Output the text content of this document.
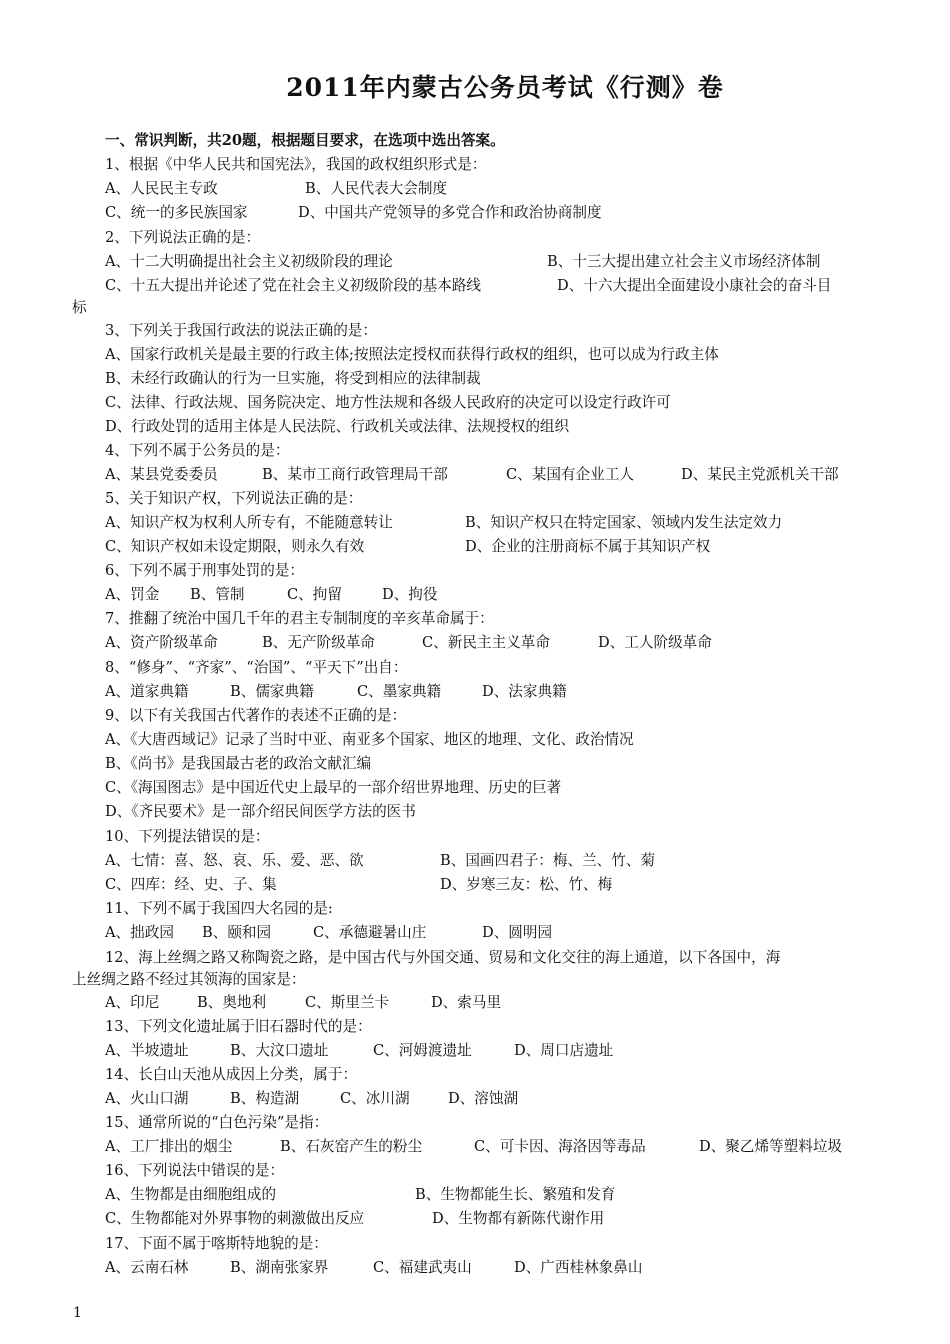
2011年内蒙古公务员考试《行测》卷
一、常识判断，共20题，根据题目要求，在选项中选出答案。
1、根据《中华人民共和国宪法》，我国的政权组织形式是：
A、人民民主专政	B、人民代表大会制度
C、统一的多民族国家	D、中国共产党领导的多党合作和政治协商制度
2、下列说法正确的是：
A、十二大明确提出社会主义初级阶段的理论	B、十三大提出建立社会主义市场经济体制
C、十五大提出并论述了党在社会主义初级阶段的基本路线	D、十六大提出全面建设小康社会的奋斗目
标
3、下列关于我国行政法的说法正确的是：
A、国家行政机关是最主要的行政主体;按照法定授权而获得行政权的组织，也可以成为行政主体
B、未经行政确认的行为一旦实施，将受到相应的法律制裁
C、法律、行政法规、国务院决定、地方性法规和各级人民政府的决定可以设定行政许可
D、行政处罚的适用主体是人民法院、行政机关或法律、法规授权的组织
4、下列不属于公务员的是：
A、某县党委委员	B、某市工商行政管理局干部	C、某国有企业工人	D、某民主党派机关干部
5、关于知识产权，下列说法正确的是：
A、知识产权为权利人所专有，不能随意转让	B、知识产权只在特定国家、领域内发生法定效力
C、知识产权如未设定期限，则永久有效	D、企业的注册商标不属于其知识产权
6、下列不属于刑事处罚的是：
A、罚金 B、管制	C、拘留	D、拘役
7、推翻了统治中国几千年的君主专制制度的辛亥革命属于：
A、资产阶级革命	B、无产阶级革命	C、新民主主义革命	D、工人阶级革命
8、“修身”、“齐家”、“治国”、“平天下”出自：
A、道家典籍	B、儒家典籍	C、墨家典籍	D、法家典籍
9、以下有关我国古代著作的表述不正确的是：
A、《大唐西域记》记录了当时中亚、南亚多个国家、地区的地理、文化、政治情况
B、《尚书》是我国最古老的政治文献汇编
C、《海国图志》是中国近代史上最早的一部介绍世界地理、历史的巨著
D、《齐民要术》是一部介绍民间医学方法的医书
10、下列提法错误的是：
A、七情：喜、怒、哀、乐、爱、恶、欲	B、国画四君子：梅、兰、竹、菊
C、四库：经、史、子、集	D、岁寒三友：松、竹、梅
11、下列不属于我国四大名园的是:
A、拙政园 B、颐和园	C、承德避暑山庄	D、圆明园
12、海上丝绸之路又称陶瓷之路，是中国古代与外国交通、贸易和文化交往的海上通道，以下各国中，海
上丝绸之路不经过其领海的国家是：
A、印尼	B、奥地利	C、斯里兰卡	D、索马里
13、下列文化遗址属于旧石器时代的是：
A、半坡遗址	B、大汶口遗址	C、河姆渡遗址	D、周口店遗址
14、长白山天池从成因上分类，属于：
A、火山口湖	B、构造湖	C、冰川湖	D、溶蚀湖
15、通常所说的“白色污染”是指：
A、工厂排出的烟尘	B、石灰窑产生的粉尘	C、可卡因、海洛因等毒品	D、聚乙烯等塑料垃圾
16、下列说法中错误的是：
A、生物都是由细胞组成的	B、生物都能生长、繁殖和发育
C、生物都能对外界事物的刺激做出反应	D、生物都有新陈代谢作用
17、下面不属于喀斯特地貌的是：
A、云南石林	B、湖南张家界	C、福建武夷山	D、广西桂林象鼻山
1
